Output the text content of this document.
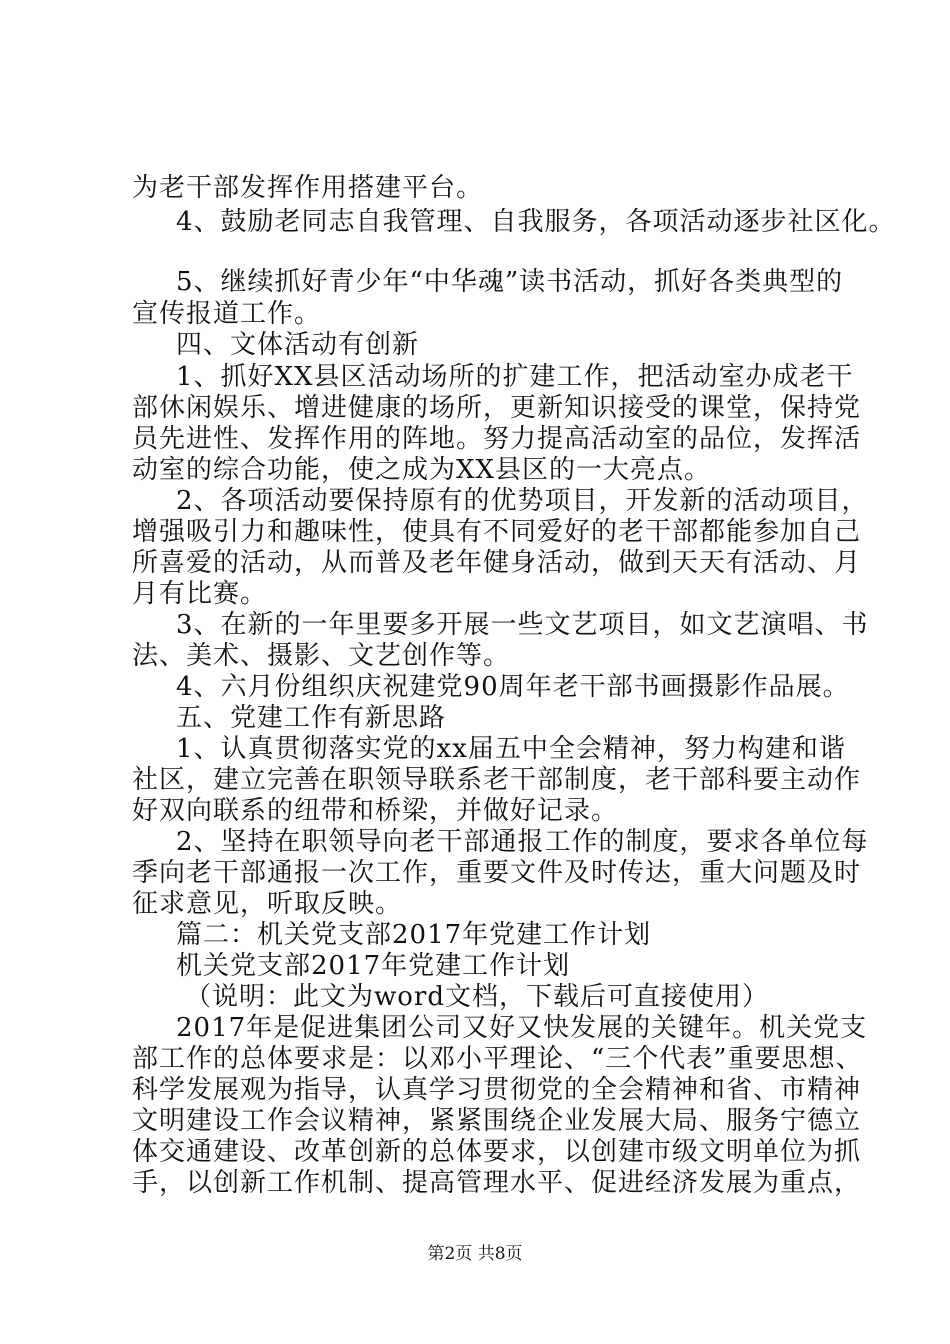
为老干部发挥作用搭建平台。
4、鼓励老同志自我管理、自我服务，各项活动逐步社区化。
5、继续抓好青少年“中华魂”读书活动，抓好各类典型的
宣传报道工作。
四、文体活动有创新
1、抓好XX县区活动场所的扩建工作，把活动室办成老干
部休闲娱乐、增进健康的场所，更新知识接受的课堂，保持党
员先进性、发挥作用的阵地。努力提高活动室的品位，发挥活
动室的综合功能，使之成为XX县区的一大亮点。
2、各项活动要保持原有的优势项目，开发新的活动项目，
增强吸引力和趣味性，使具有不同爱好的老干部都能参加自己
所喜爱的活动，从而普及老年健身活动，做到天天有活动、月
月有比赛。
3、在新的一年里要多开展一些文艺项目，如文艺演唱、书
法、美术、摄影、文艺创作等。
4、六月份组织庆祝建党90周年老干部书画摄影作品展。
五、党建工作有新思路
1、认真贯彻落实党的xx届五中全会精神，努力构建和谐
社区，建立完善在职领导联系老干部制度，老干部科要主动作
好双向联系的纽带和桥梁，并做好记录。
2、坚持在职领导向老干部通报工作的制度，要求各单位每
季向老干部通报一次工作，重要文件及时传达，重大问题及时
征求意见，听取反映。
篇二：机关党支部2017年党建工作计划
机关党支部2017年党建工作计划
（说明：此文为word文档，下载后可直接使用）
2017年是促进集团公司又好又快发展的关键年。机关党支
部工作的总体要求是：以邓小平理论、“三个代表”重要思想、
科学发展观为指导，认真学习贯彻党的全会精神和省、市精神
文明建设工作会议精神，紧紧围绕企业发展大局、服务宁德立
体交通建设、改革创新的总体要求，以创建市级文明单位为抓
手，以创新工作机制、提高管理水平、促进经济发展为重点，
第2页 共8页
